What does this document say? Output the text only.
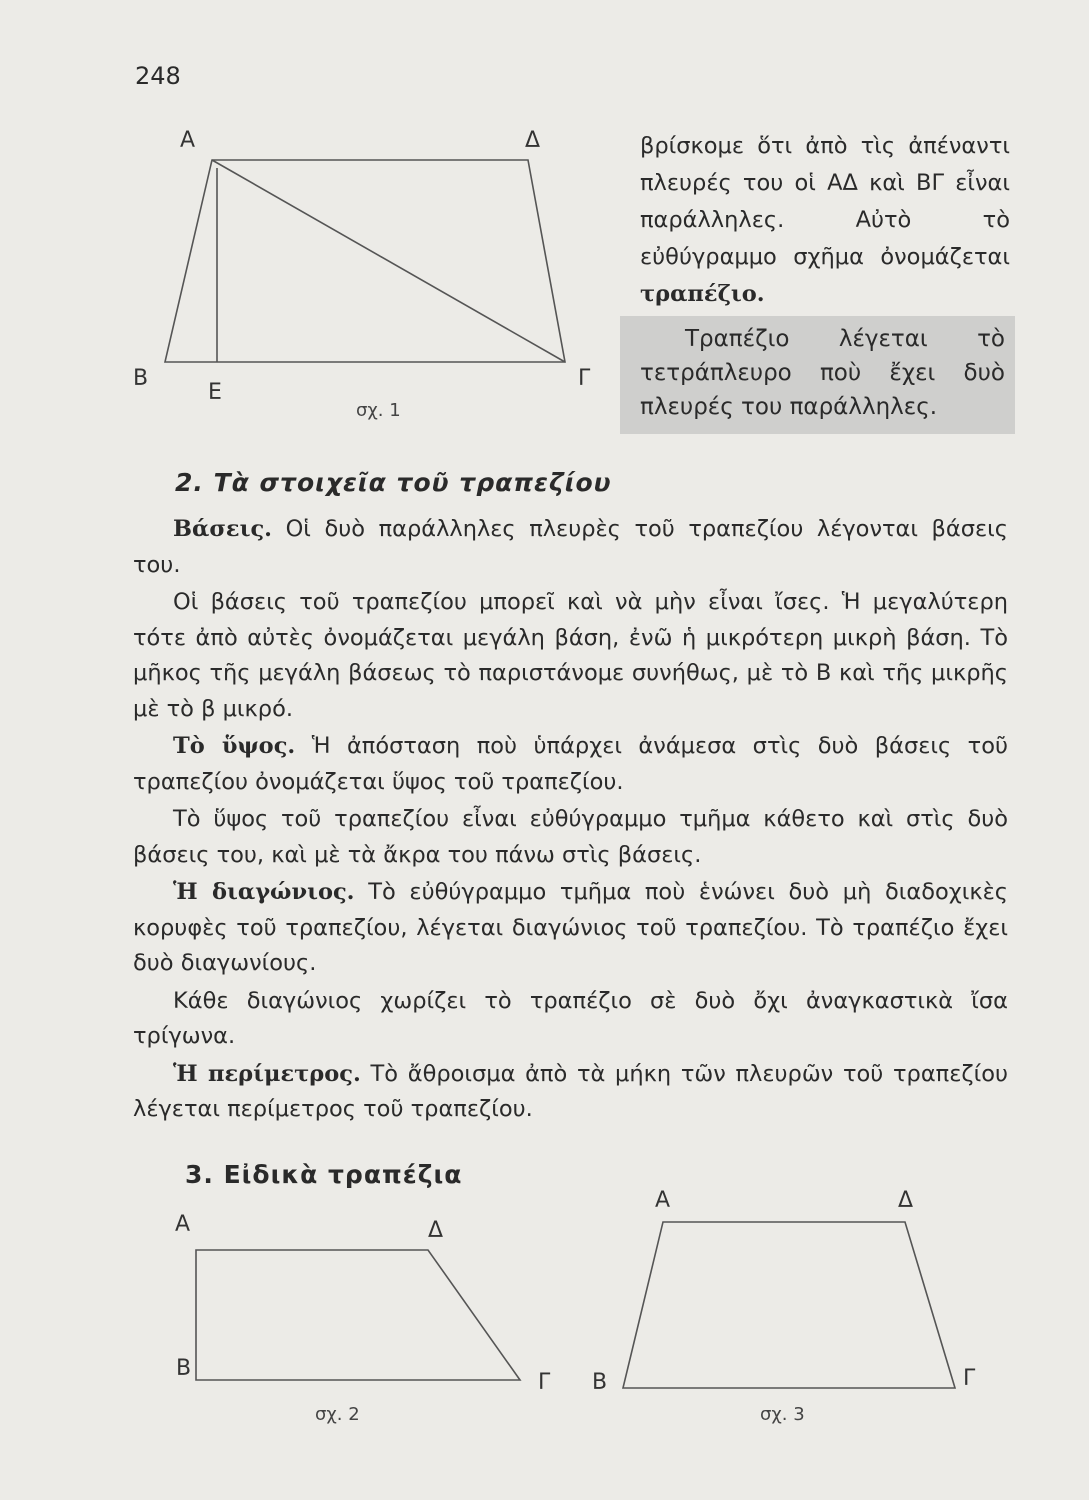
248
Α	Δ
Β
Ε
Γ
σχ. 1
βρίσκομε ὅτι ἀπὸ τὶς ἀπέναντι πλευρές του οἱ ΑΔ καὶ ΒΓ εἶναι παράλληλες. Αὐτὸ τὸ εὐθύγραμμο σχῆμα ὀνομάζεται τραπέζιο.
Τραπέζιο λέγεται τὸ τετράπλευρο ποὺ ἔχει δυὸ πλευρές του παράλληλες.
2. Τὰ στοιχεῖα τοῦ τραπεζίου

Βάσεις. Οἱ δυὸ παράλληλες πλευρὲς τοῦ τραπεζίου λέγονται βάσεις του.

Οἱ βάσεις τοῦ τραπεζίου μπορεῖ καὶ νὰ μὴν εἶναι ἴσες. Ἡ μεγαλύτερη τότε ἀπὸ αὐτὲς ὀνομάζεται μεγάλη βάση, ἐνῶ ἡ μικρότερη μικρὴ βάση. Τὸ μῆκος τῆς μεγάλη βάσεως τὸ παριστάνομε συνήθως, μὲ τὸ Β καὶ τῆς μικρῆς μὲ τὸ β μικρό.

Τὸ ὕψος. Ἡ ἀπόσταση ποὺ ὑπάρχει ἀνάμεσα στὶς δυὸ βάσεις τοῦ τραπεζίου ὀνομάζεται ὕψος τοῦ τραπεζίου.

Τὸ ὕψος τοῦ τραπεζίου εἶναι εὐθύγραμμο τμῆμα κάθετο καὶ στὶς δυὸ βάσεις του, καὶ μὲ τὰ ἄκρα του πάνω στὶς βάσεις.

Ἡ διαγώνιος. Τὸ εὐθύγραμμο τμῆμα ποὺ ἑνώνει δυὸ μὴ διαδοχικὲς κορυφὲς τοῦ τραπεζίου, λέγεται διαγώνιος τοῦ τραπεζίου. Τὸ τραπέζιο ἔχει δυὸ διαγωνίους.

Κάθε διαγώνιος χωρίζει τὸ τραπέζιο σὲ δυὸ ὄχι ἀναγκαστικὰ ἴσα τρίγωνα.

Ἡ περίμετρος. Τὸ ἄθροισμα ἀπὸ τὰ μήκη τῶν πλευρῶν τοῦ τραπεζίου λέγεται περίμετρος τοῦ τραπεζίου.

3. Εἰδικὰ τραπέζια
Α	Δ
Β
Γ
σχ. 2
Α	Δ
Β	Γ
σχ. 3
